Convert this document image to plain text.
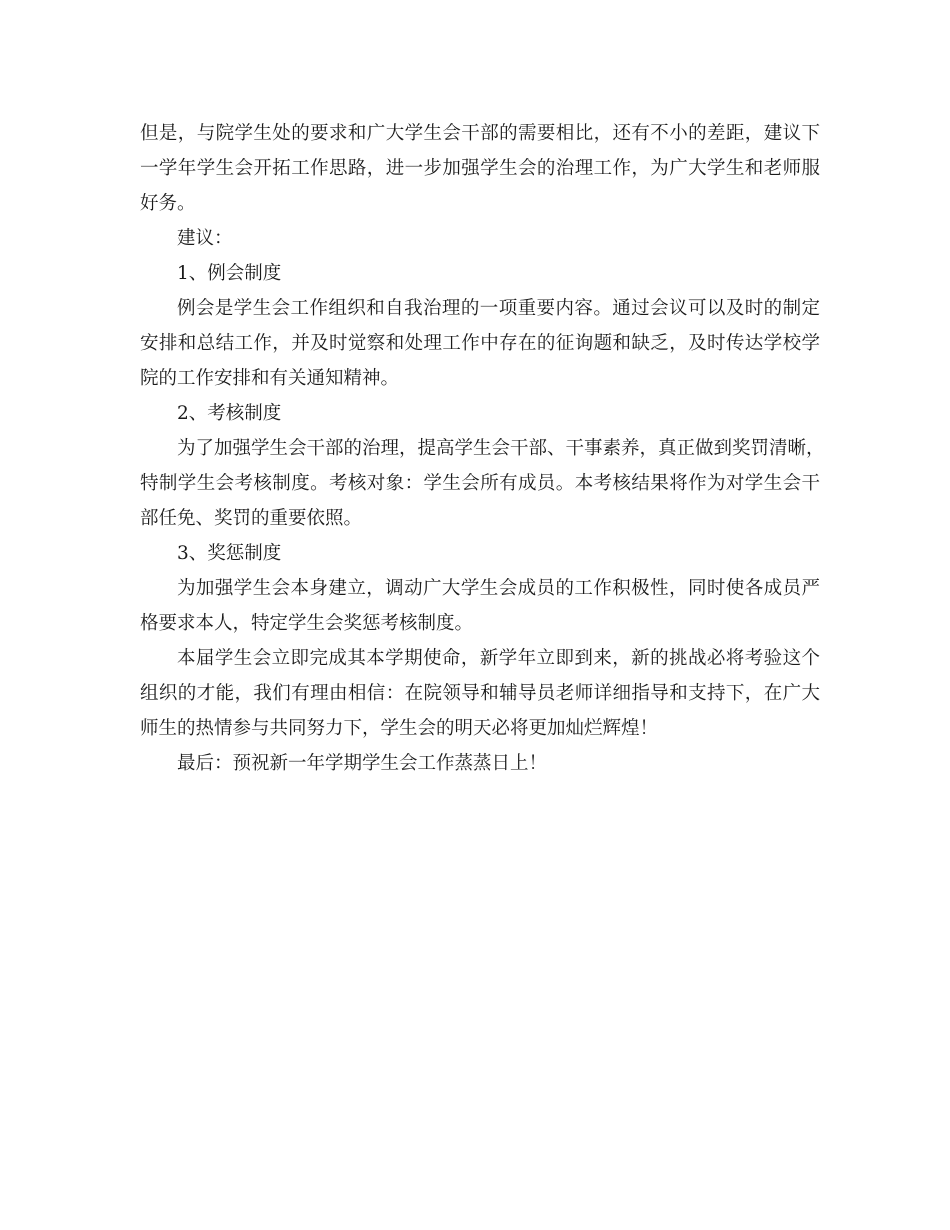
但是，与院学生处的要求和广大学生会干部的需要相比，还有不小的差距，建议下
一学年学生会开拓工作思路，进一步加强学生会的治理工作，为广大学生和老师服
好务。
建议：
1、例会制度
例会是学生会工作组织和自我治理的一项重要内容。通过会议可以及时的制定
安排和总结工作，并及时觉察和处理工作中存在的征询题和缺乏，及时传达学校学
院的工作安排和有关通知精神。
2、考核制度
为了加强学生会干部的治理，提高学生会干部、干事素养，真正做到奖罚清晰，
特制学生会考核制度。考核对象：学生会所有成员。本考核结果将作为对学生会干
部任免、奖罚的重要依照。
3、奖惩制度
为加强学生会本身建立，调动广大学生会成员的工作积极性，同时使各成员严
格要求本人，特定学生会奖惩考核制度。
本届学生会立即完成其本学期使命，新学年立即到来，新的挑战必将考验这个
组织的才能，我们有理由相信：在院领导和辅导员老师详细指导和支持下，在广大
师生的热情参与共同努力下，学生会的明天必将更加灿烂辉煌！
最后：预祝新一年学期学生会工作蒸蒸日上！
